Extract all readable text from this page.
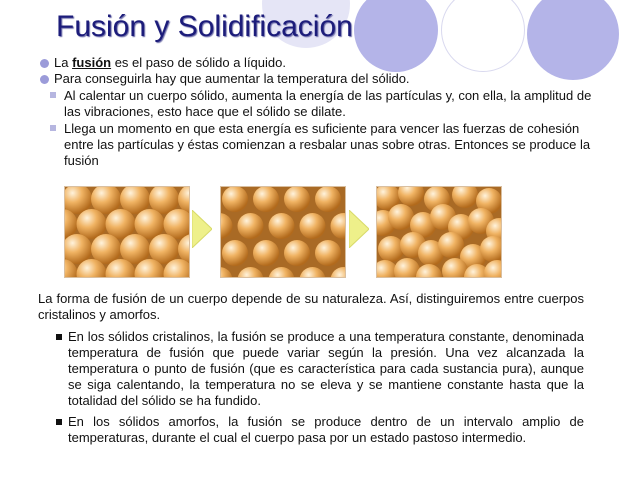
Fusión y Solidificación
La fusión es el paso de sólido a líquido.
Para conseguirla hay que aumentar la temperatura del sólido.
Al calentar un cuerpo sólido, aumenta la energía de las partículas y, con ella, la amplitud de las vibraciones, esto hace que el sólido se dilate.
Llega un momento en que esta energía es suficiente para vencer las fuerzas de cohesión entre las partículas y éstas comienzan a resbalar unas sobre otras. Entonces se produce la fusión

La forma de fusión de un cuerpo depende de su naturaleza. Así, distinguiremos entre cuerpos cristalinos y amorfos.

En los sólidos cristalinos, la fusión se produce a una temperatura constante, denominada temperatura de fusión que puede variar según la presión. Una vez alcanzada la temperatura o punto de fusión (que es característica para cada sustancia pura), aunque se siga calentando, la temperatura no se eleva y se mantiene constante hasta que la totalidad del sólido se ha fundido.
En los sólidos amorfos, la fusión se produce dentro de un intervalo amplio de temperaturas, durante el cual el cuerpo pasa por un estado pastoso intermedio.
